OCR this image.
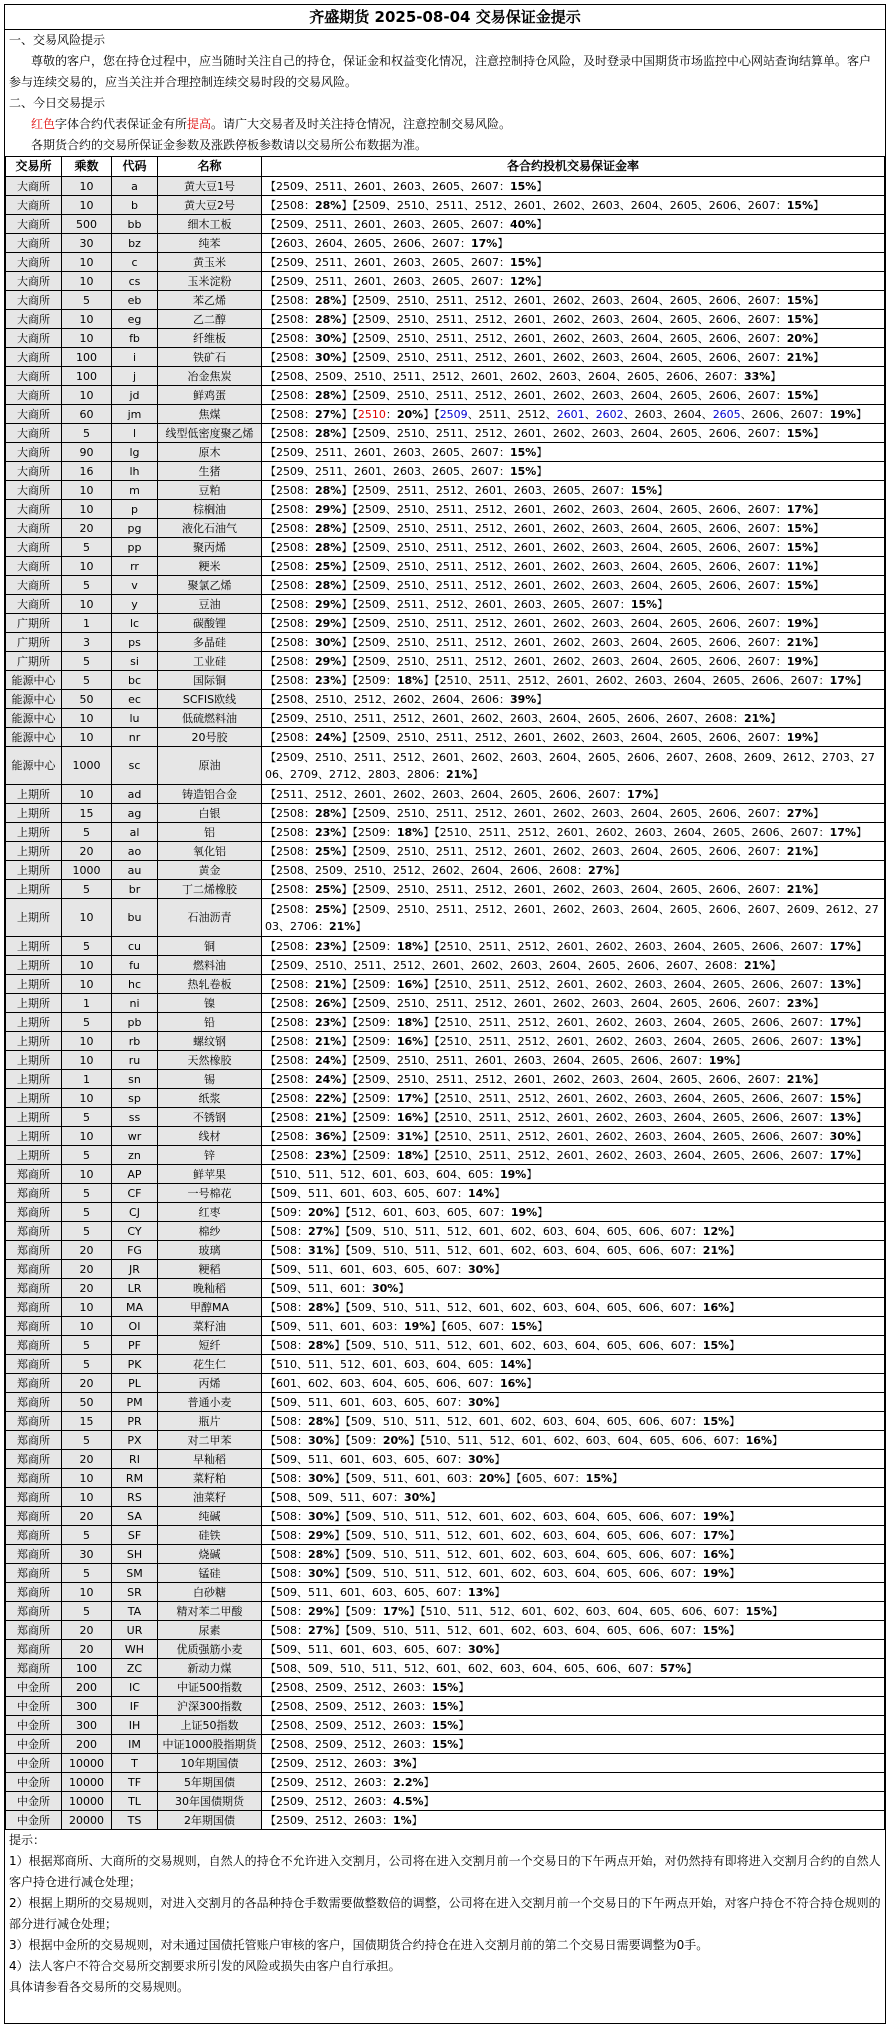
齐盛期货 2025-08-04 交易保证金提示

一、交易风险提示

尊敬的客户，您在持仓过程中，应当随时关注自己的持仓，保证金和权益变化情况，注意控制持仓风险，及时登录中国期货市场监控中心网站查询结算单。客户参与连续交易的，应当关注并合理控制连续交易时段的交易风险。

二、今日交易提示

红色字体合约代表保证金有所提高。请广大交易者及时关注持仓情况，注意控制交易风险。

各期货合约的交易所保证金参数及涨跌停板参数请以交易所公布数据为准。

交易所	乘数	代码	名称	各合约投机交易保证金率
大商所	10	a	黄大豆1号	【2509、2511、2601、2603、2605、2607：15%】
大商所	10	b	黄大豆2号	【2508：28%】【2509、2510、2511、2512、2601、2602、2603、2604、2605、2606、2607：15%】
大商所	500	bb	细木工板	【2509、2511、2601、2603、2605、2607：40%】
大商所	30	bz	纯苯	【2603、2604、2605、2606、2607：17%】
大商所	10	c	黄玉米	【2509、2511、2601、2603、2605、2607：15%】
大商所	10	cs	玉米淀粉	【2509、2511、2601、2603、2605、2607：12%】
大商所	5	eb	苯乙烯	【2508：28%】【2509、2510、2511、2512、2601、2602、2603、2604、2605、2606、2607：15%】
大商所	10	eg	乙二醇	【2508：28%】【2509、2510、2511、2512、2601、2602、2603、2604、2605、2606、2607：15%】
大商所	10	fb	纤维板	【2508：30%】【2509、2510、2511、2512、2601、2602、2603、2604、2605、2606、2607：20%】
大商所	100	i	铁矿石	【2508：30%】【2509、2510、2511、2512、2601、2602、2603、2604、2605、2606、2607：21%】
大商所	100	j	冶金焦炭	【2508、2509、2510、2511、2512、2601、2602、2603、2604、2605、2606、2607：33%】
大商所	10	jd	鲜鸡蛋	【2508：28%】【2509、2510、2511、2512、2601、2602、2603、2604、2605、2606、2607：15%】
大商所	60	jm	焦煤	【2508：27%】【2510：20%】【2509、2511、2512、2601、2602、2603、2604、2605、2606、2607：19%】
大商所	5	l	线型低密度聚乙烯	【2508：28%】【2509、2510、2511、2512、2601、2602、2603、2604、2605、2606、2607：15%】
大商所	90	lg	原木	【2509、2511、2601、2603、2605、2607：15%】
大商所	16	lh	生猪	【2509、2511、2601、2603、2605、2607：15%】
大商所	10	m	豆粕	【2508：28%】【2509、2511、2512、2601、2603、2605、2607：15%】
大商所	10	p	棕榈油	【2508：29%】【2509、2510、2511、2512、2601、2602、2603、2604、2605、2606、2607：17%】
大商所	20	pg	液化石油气	【2508：28%】【2509、2510、2511、2512、2601、2602、2603、2604、2605、2606、2607：15%】
大商所	5	pp	聚丙烯	【2508：28%】【2509、2510、2511、2512、2601、2602、2603、2604、2605、2606、2607：15%】
大商所	10	rr	粳米	【2508：25%】【2509、2510、2511、2512、2601、2602、2603、2604、2605、2606、2607：11%】
大商所	5	v	聚氯乙烯	【2508：28%】【2509、2510、2511、2512、2601、2602、2603、2604、2605、2606、2607：15%】
大商所	10	y	豆油	【2508：29%】【2509、2511、2512、2601、2603、2605、2607：15%】
广期所	1	lc	碳酸锂	【2508：29%】【2509、2510、2511、2512、2601、2602、2603、2604、2605、2606、2607：19%】
广期所	3	ps	多晶硅	【2508：30%】【2509、2510、2511、2512、2601、2602、2603、2604、2605、2606、2607：21%】
广期所	5	si	工业硅	【2508：29%】【2509、2510、2511、2512、2601、2602、2603、2604、2605、2606、2607：19%】
能源中心	5	bc	国际铜	【2508：23%】【2509：18%】【2510、2511、2512、2601、2602、2603、2604、2605、2606、2607：17%】
能源中心	50	ec	SCFIS欧线	【2508、2510、2512、2602、2604、2606：39%】
能源中心	10	lu	低硫燃料油	【2509、2510、2511、2512、2601、2602、2603、2604、2605、2606、2607、2608：21%】
能源中心	10	nr	20号胶	【2508：24%】【2509、2510、2511、2512、2601、2602、2603、2604、2605、2606、2607：19%】
能源中心	1000	sc	原油	【2509、2510、2511、2512、2601、2602、2603、2604、2605、2606、2607、2608、2609、2612、2703、2706、2709、2712、2803、2806：21%】
上期所	10	ad	铸造铝合金	【2511、2512、2601、2602、2603、2604、2605、2606、2607：17%】
上期所	15	ag	白银	【2508：28%】【2509、2510、2511、2512、2601、2602、2603、2604、2605、2606、2607：27%】
上期所	5	al	铝	【2508：23%】【2509：18%】【2510、2511、2512、2601、2602、2603、2604、2605、2606、2607：17%】
上期所	20	ao	氧化铝	【2508：25%】【2509、2510、2511、2512、2601、2602、2603、2604、2605、2606、2607：21%】
上期所	1000	au	黄金	【2508、2509、2510、2512、2602、2604、2606、2608：27%】
上期所	5	br	丁二烯橡胶	【2508：25%】【2509、2510、2511、2512、2601、2602、2603、2604、2605、2606、2607：21%】
上期所	10	bu	石油沥青	【2508：25%】【2509、2510、2511、2512、2601、2602、2603、2604、2605、2606、2607、2609、2612、2703、2706：21%】
上期所	5	cu	铜	【2508：23%】【2509：18%】【2510、2511、2512、2601、2602、2603、2604、2605、2606、2607：17%】
上期所	10	fu	燃料油	【2509、2510、2511、2512、2601、2602、2603、2604、2605、2606、2607、2608：21%】
上期所	10	hc	热轧卷板	【2508：21%】【2509：16%】【2510、2511、2512、2601、2602、2603、2604、2605、2606、2607：13%】
上期所	1	ni	镍	【2508：26%】【2509、2510、2511、2512、2601、2602、2603、2604、2605、2606、2607：23%】
上期所	5	pb	铅	【2508：23%】【2509：18%】【2510、2511、2512、2601、2602、2603、2604、2605、2606、2607：17%】
上期所	10	rb	螺纹钢	【2508：21%】【2509：16%】【2510、2511、2512、2601、2602、2603、2604、2605、2606、2607：13%】
上期所	10	ru	天然橡胶	【2508：24%】【2509、2510、2511、2601、2603、2604、2605、2606、2607：19%】
上期所	1	sn	锡	【2508：24%】【2509、2510、2511、2512、2601、2602、2603、2604、2605、2606、2607：21%】
上期所	10	sp	纸浆	【2508：22%】【2509：17%】【2510、2511、2512、2601、2602、2603、2604、2605、2606、2607：15%】
上期所	5	ss	不锈钢	【2508：21%】【2509：16%】【2510、2511、2512、2601、2602、2603、2604、2605、2606、2607：13%】
上期所	10	wr	线材	【2508：36%】【2509：31%】【2510、2511、2512、2601、2602、2603、2604、2605、2606、2607：30%】
上期所	5	zn	锌	【2508：23%】【2509：18%】【2510、2511、2512、2601、2602、2603、2604、2605、2606、2607：17%】
郑商所	10	AP	鲜苹果	【510、511、512、601、603、604、605：19%】
郑商所	5	CF	一号棉花	【509、511、601、603、605、607：14%】
郑商所	5	CJ	红枣	【509：20%】【512、601、603、605、607：19%】
郑商所	5	CY	棉纱	【508：27%】【509、510、511、512、601、602、603、604、605、606、607：12%】
郑商所	20	FG	玻璃	【508：31%】【509、510、511、512、601、602、603、604、605、606、607：21%】
郑商所	20	JR	粳稻	【509、511、601、603、605、607：30%】
郑商所	20	LR	晚籼稻	【509、511、601：30%】
郑商所	10	MA	甲醇MA	【508：28%】【509、510、511、512、601、602、603、604、605、606、607：16%】
郑商所	10	OI	菜籽油	【509、511、601、603：19%】【605、607：15%】
郑商所	5	PF	短纤	【508：28%】【509、510、511、512、601、602、603、604、605、606、607：15%】
郑商所	5	PK	花生仁	【510、511、512、601、603、604、605：14%】
郑商所	20	PL	丙烯	【601、602、603、604、605、606、607：16%】
郑商所	50	PM	普通小麦	【509、511、601、603、605、607：30%】
郑商所	15	PR	瓶片	【508：28%】【509、510、511、512、601、602、603、604、605、606、607：15%】
郑商所	5	PX	对二甲苯	【508：30%】【509：20%】【510、511、512、601、602、603、604、605、606、607：16%】
郑商所	20	RI	早籼稻	【509、511、601、603、605、607：30%】
郑商所	10	RM	菜籽粕	【508：30%】【509、511、601、603：20%】【605、607：15%】
郑商所	10	RS	油菜籽	【508、509、511、607：30%】
郑商所	20	SA	纯碱	【508：30%】【509、510、511、512、601、602、603、604、605、606、607：19%】
郑商所	5	SF	硅铁	【508：29%】【509、510、511、512、601、602、603、604、605、606、607：17%】
郑商所	30	SH	烧碱	【508：28%】【509、510、511、512、601、602、603、604、605、606、607：16%】
郑商所	5	SM	锰硅	【508：30%】【509、510、511、512、601、602、603、604、605、606、607：19%】
郑商所	10	SR	白砂糖	【509、511、601、603、605、607：13%】
郑商所	5	TA	精对苯二甲酸	【508：29%】【509：17%】【510、511、512、601、602、603、604、605、606、607：15%】
郑商所	20	UR	尿素	【508：27%】【509、510、511、512、601、602、603、604、605、606、607：15%】
郑商所	20	WH	优质强筋小麦	【509、511、601、603、605、607：30%】
郑商所	100	ZC	新动力煤	【508、509、510、511、512、601、602、603、604、605、606、607：57%】
中金所	200	IC	中证500指数	【2508、2509、2512、2603：15%】
中金所	300	IF	沪深300指数	【2508、2509、2512、2603：15%】
中金所	300	IH	上证50指数	【2508、2509、2512、2603：15%】
中金所	200	IM	中证1000股指期货	【2508、2509、2512、2603：15%】
中金所	10000	T	10年期国债	【2509、2512、2603：3%】
中金所	10000	TF	5年期国债	【2509、2512、2603：2.2%】
中金所	10000	TL	30年国债期货	【2509、2512、2603：4.5%】
中金所	20000	TS	2年期国债	【2509、2512、2603：1%】

提示：

1）根据郑商所、大商所的交易规则，自然人的持仓不允许进入交割月，公司将在进入交割月前一个交易日的下午两点开始，对仍然持有即将进入交割月合约的自然人客户持仓进行减仓处理；

2）根据上期所的交易规则，对进入交割月的各品种持仓手数需要做整数倍的调整，公司将在进入交割月前一个交易日的下午两点开始，对客户持仓不符合持仓规则的部分进行减仓处理；

3）根据中金所的交易规则，对未通过国债托管账户审核的客户，国债期货合约持仓在进入交割月前的第二个交易日需要调整为0手。

4）法人客户不符合交易所交割要求所引发的风险或损失由客户自行承担。

具体请参看各交易所的交易规则。
